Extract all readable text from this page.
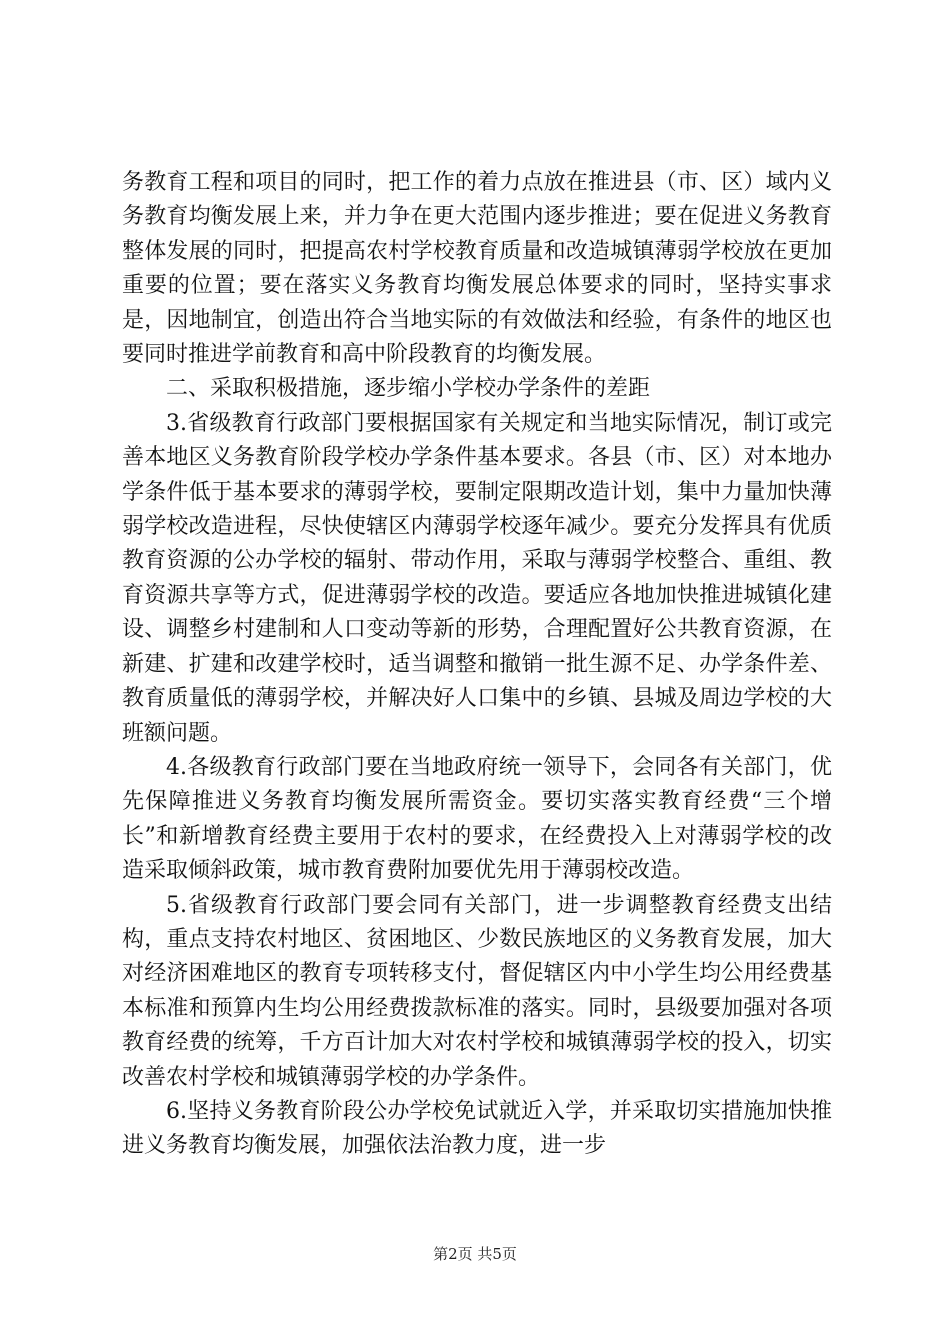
务教育工程和项目的同时，把工作的着力点放在推进县（市、区）域内义务教育均衡发展上来，并力争在更大范围内逐步推进；要在促进义务教育整体发展的同时，把提高农村学校教育质量和改造城镇薄弱学校放在更加重要的位置；要在落实义务教育均衡发展总体要求的同时，坚持实事求是，因地制宜，创造出符合当地实际的有效做法和经验，有条件的地区也要同时推进学前教育和高中阶段教育的均衡发展。

二、采取积极措施，逐步缩小学校办学条件的差距

3.省级教育行政部门要根据国家有关规定和当地实际情况，制订或完善本地区义务教育阶段学校办学条件基本要求。各县（市、区）对本地办学条件低于基本要求的薄弱学校，要制定限期改造计划，集中力量加快薄弱学校改造进程，尽快使辖区内薄弱学校逐年减少。要充分发挥具有优质教育资源的公办学校的辐射、带动作用，采取与薄弱学校整合、重组、教育资源共享等方式，促进薄弱学校的改造。要适应各地加快推进城镇化建设、调整乡村建制和人口变动等新的形势，合理配置好公共教育资源，在新建、扩建和改建学校时，适当调整和撤销一批生源不足、办学条件差、教育质量低的薄弱学校，并解决好人口集中的乡镇、县城及周边学校的大班额问题。

4.各级教育行政部门要在当地政府统一领导下，会同各有关部门，优先保障推进义务教育均衡发展所需资金。要切实落实教育经费“三个增长”和新增教育经费主要用于农村的要求，在经费投入上对薄弱学校的改造采取倾斜政策，城市教育费附加要优先用于薄弱校改造。

5.省级教育行政部门要会同有关部门，进一步调整教育经费支出结构，重点支持农村地区、贫困地区、少数民族地区的义务教育发展，加大对经济困难地区的教育专项转移支付，督促辖区内中小学生均公用经费基本标准和预算内生均公用经费拨款标准的落实。同时，县级要加强对各项教育经费的统筹，千方百计加大对农村学校和城镇薄弱学校的投入，切实改善农村学校和城镇薄弱学校的办学条件。

6.坚持义务教育阶段公办学校免试就近入学，并采取切实措施加快推进义务教育均衡发展，加强依法治教力度，进一步

第2页 共5页
